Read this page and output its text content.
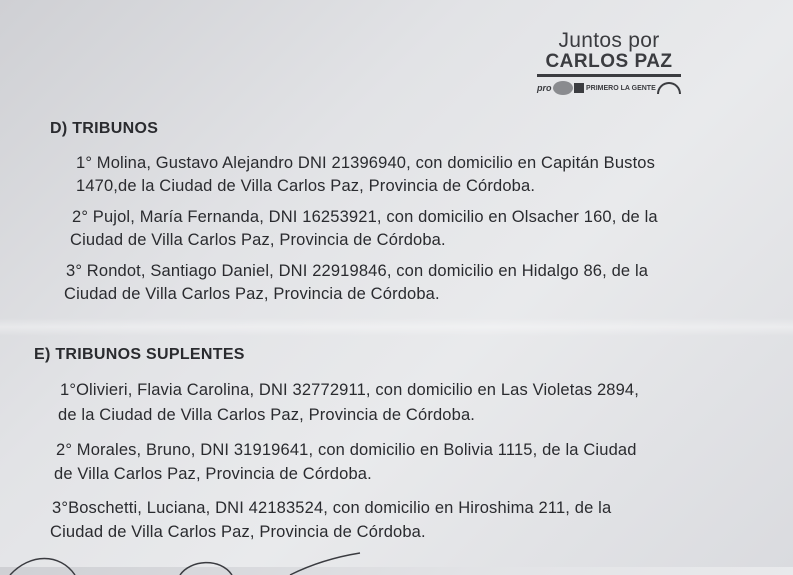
Juntos por
CARLOS PAZ
pro	PRIMERO LA GENTE
D) TRIBUNOS
1° Molina, Gustavo Alejandro DNI 21396940, con domicilio en Capitán Bustos
1470,de la Ciudad de Villa Carlos Paz, Provincia de Córdoba.
2° Pujol, María Fernanda, DNI 16253921, con domicilio en Olsacher 160, de la
Ciudad de Villa Carlos Paz, Provincia de Córdoba.
3° Rondot, Santiago Daniel, DNI 22919846, con domicilio en Hidalgo 86, de la
Ciudad de Villa Carlos Paz, Provincia de Córdoba.
E) TRIBUNOS SUPLENTES
1°Olivieri, Flavia Carolina, DNI 32772911, con domicilio en Las Violetas 2894,
de la Ciudad de Villa Carlos Paz, Provincia de Córdoba.
2° Morales, Bruno, DNI 31919641, con domicilio en Bolivia 1115, de la Ciudad
de Villa Carlos Paz, Provincia de Córdoba.
3°Boschetti, Luciana, DNI 42183524, con domicilio en Hiroshima 211, de la
Ciudad de Villa Carlos Paz, Provincia de Córdoba.
